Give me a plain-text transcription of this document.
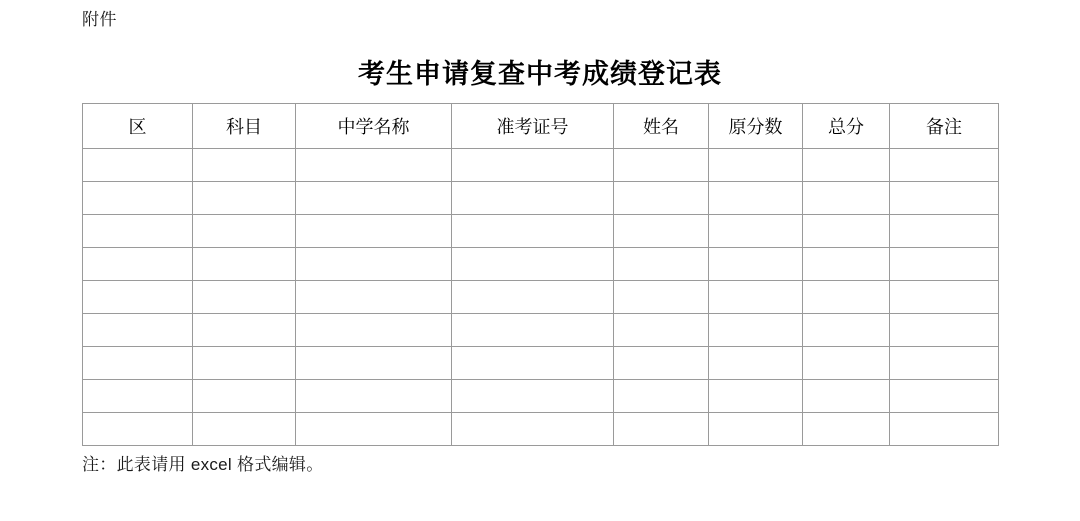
附件
考生申请复查中考成绩登记表
区	科目	中学名称	准考证号	姓名	原分数	总分	备注

注：此表请用 excel 格式编辑。
